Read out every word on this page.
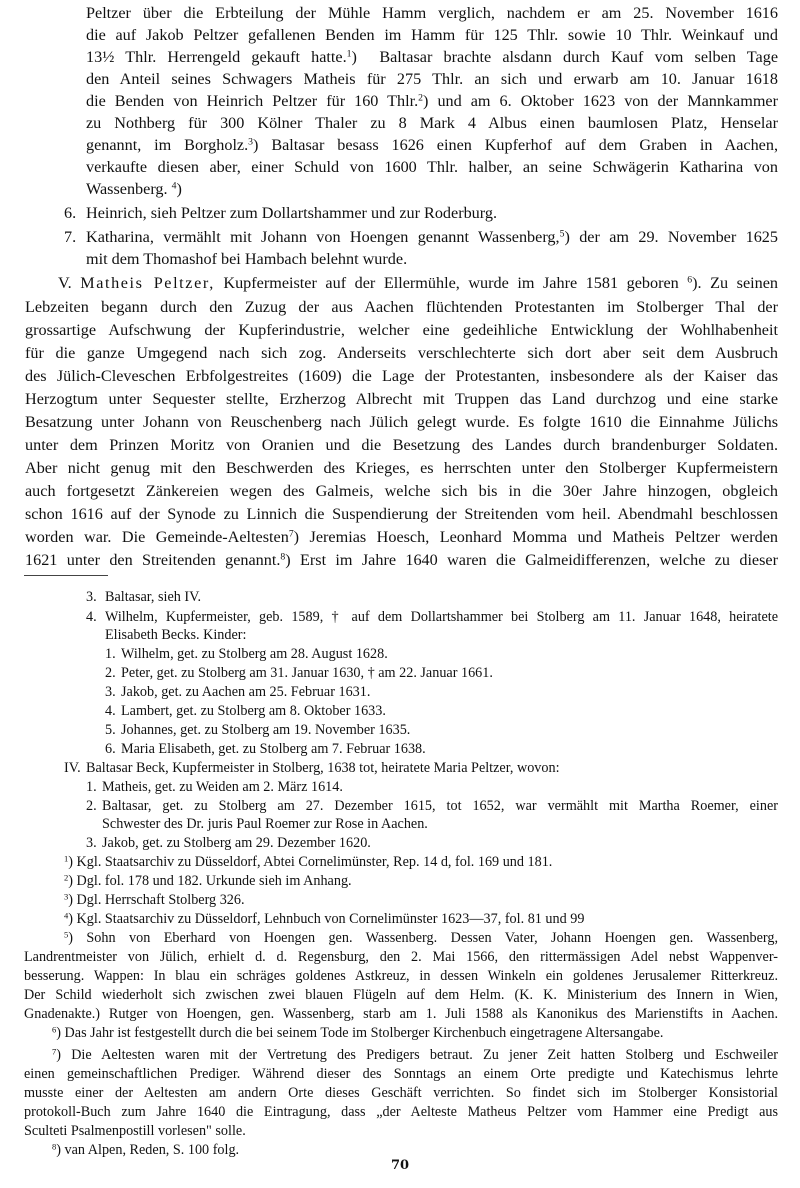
Peltzer über die Erbteilung der Mühle Hamm verglich, nachdem er am 25. November 1616
die auf Jakob Peltzer gefallenen Benden im Hamm für 125 Thlr. sowie 10 Thlr. Weinkauf und
13½ Thlr. Herrengeld gekauft hatte.$^1$) Baltasar brachte alsdann durch Kauf vom selben Tage
den Anteil seines Schwagers Matheis für 275 Thlr. an sich und erwarb am 10. Januar 1618
die Benden von Heinrich Peltzer für 160 Thlr.$^2$) und am 6. Oktober 1623 von der Mannkammer
zu Nothberg für 300 Kölner Thaler zu 8 Mark 4 Albus einen baumlosen Platz, Henselar
genannt, im Borgholz.$^3$) Baltasar besass 1626 einen Kupferhof auf dem Graben in Aachen,
verkaufte diesen aber, einer Schuld von 1600 Thlr. halber, an seine Schwägerin Katharina von
Wassenberg. $^4$)
6. Heinrich, sieh Peltzer zum Dollartshammer und zur Roderburg.
7. Katharina, vermählt mit Johann von Hoengen genannt Wassenberg,$^5$) der am 29. November 1625
mit dem Thomashof bei Hambach belehnt wurde.
V. Matheis Peltzer, Kupfermeister auf der Ellermühle, wurde im Jahre 1581 geboren $^6$). Zu seinen
Lebzeiten begann durch den Zuzug der aus Aachen flüchtenden Protestanten im Stolberger Thal der
grossartige Aufschwung der Kupferindustrie, welcher eine gedeihliche Entwicklung der Wohlhabenheit
für die ganze Umgegend nach sich zog. Anderseits verschlechterte sich dort aber seit dem Ausbruch
des Jülich-Cleveschen Erbfolgestreites (1609) die Lage der Protestanten, insbesondere als der Kaiser das
Herzogtum unter Sequester stellte, Erzherzog Albrecht mit Truppen das Land durchzog und eine starke
Besatzung unter Johann von Reuschenberg nach Jülich gelegt wurde. Es folgte 1610 die Einnahme Jülichs
unter dem Prinzen Moritz von Oranien und die Besetzung des Landes durch brandenburger Soldaten.
Aber nicht genug mit den Beschwerden des Krieges, es herrschten unter den Stolberger Kupfermeistern
auch fortgesetzt Zänkereien wegen des Galmeis, welche sich bis in die 30er Jahre hinzogen, obgleich
schon 1616 auf der Synode zu Linnich die Suspendierung der Streitenden vom heil. Abendmahl beschlossen
worden war. Die Gemeinde-Aeltesten$^7$) Jeremias Hoesch, Leonhard Momma und Matheis Peltzer werden
1621 unter den Streitenden genannt.$^8$) Erst im Jahre 1640 waren die Galmeidifferenzen, welche zu dieser
3. Baltasar, sieh IV.
4. Wilhelm, Kupfermeister, geb. 1589, † auf dem Dollartshammer bei Stolberg am 11. Januar 1648, heiratete
Elisabeth Becks. Kinder:
1. Wilhelm, get. zu Stolberg am 28. August 1628.
2. Peter, get. zu Stolberg am 31. Januar 1630, † am 22. Januar 1661.
3. Jakob, get. zu Aachen am 25. Februar 1631.
4. Lambert, get. zu Stolberg am 8. Oktober 1633.
5. Johannes, get. zu Stolberg am 19. November 1635.
6. Maria Elisabeth, get. zu Stolberg am 7. Februar 1638.
IV. Baltasar Beck, Kupfermeister in Stolberg, 1638 tot, heiratete Maria Peltzer, wovon:
1. Matheis, get. zu Weiden am 2. März 1614.
2. Baltasar, get. zu Stolberg am 27. Dezember 1615, tot 1652, war vermählt mit Martha Roemer, einer
Schwester des Dr. juris Paul Roemer zur Rose in Aachen.
3. Jakob, get. zu Stolberg am 29. Dezember 1620.
$^1$) Kgl. Staatsarchiv zu Düsseldorf, Abtei Cornelimünster, Rep. 14 d, fol. 169 und 181.
$^2$) Dgl. fol. 178 und 182. Urkunde sieh im Anhang.
$^3$) Dgl. Herrschaft Stolberg 326.
$^4$) Kgl. Staatsarchiv zu Düsseldorf, Lehnbuch von Cornelimünster 1623—37, fol. 81 und 99
$^5$) Sohn von Eberhard von Hoengen gen. Wassenberg. Dessen Vater, Johann Hoengen gen. Wassenberg,
Landrentmeister von Jülich, erhielt d. d. Regensburg, den 2. Mai 1566, den rittermässigen Adel nebst Wappenver-
besserung. Wappen: In blau ein schräges goldenes Astkreuz, in dessen Winkeln ein goldenes Jerusalemer Ritterkreuz.
Der Schild wiederholt sich zwischen zwei blauen Flügeln auf dem Helm. (K. K. Ministerium des Innern in Wien,
Gnadenakte.) Rutger von Hoengen, gen. Wassenberg, starb am 1. Juli 1588 als Kanonikus des Marienstifts in Aachen.
$^6$) Das Jahr ist festgestellt durch die bei seinem Tode im Stolberger Kirchenbuch eingetragene Altersangabe.
$^7$) Die Aeltesten waren mit der Vertretung des Predigers betraut. Zu jener Zeit hatten Stolberg und Eschweiler
einen gemeinschaftlichen Prediger. Während dieser des Sonntags an einem Orte predigte und Katechismus lehrte
musste einer der Aeltesten am andern Orte dieses Geschäft verrichten. So findet sich im Stolberger Konsistorial
protokoll-Buch zum Jahre 1640 die Eintragung, dass „der Aelteste Matheus Peltzer vom Hammer eine Predigt aus
Sculteti Psalmenpostill vorlesen" solle.
$^8$) van Alpen, Reden, S. 100 folg.
70
